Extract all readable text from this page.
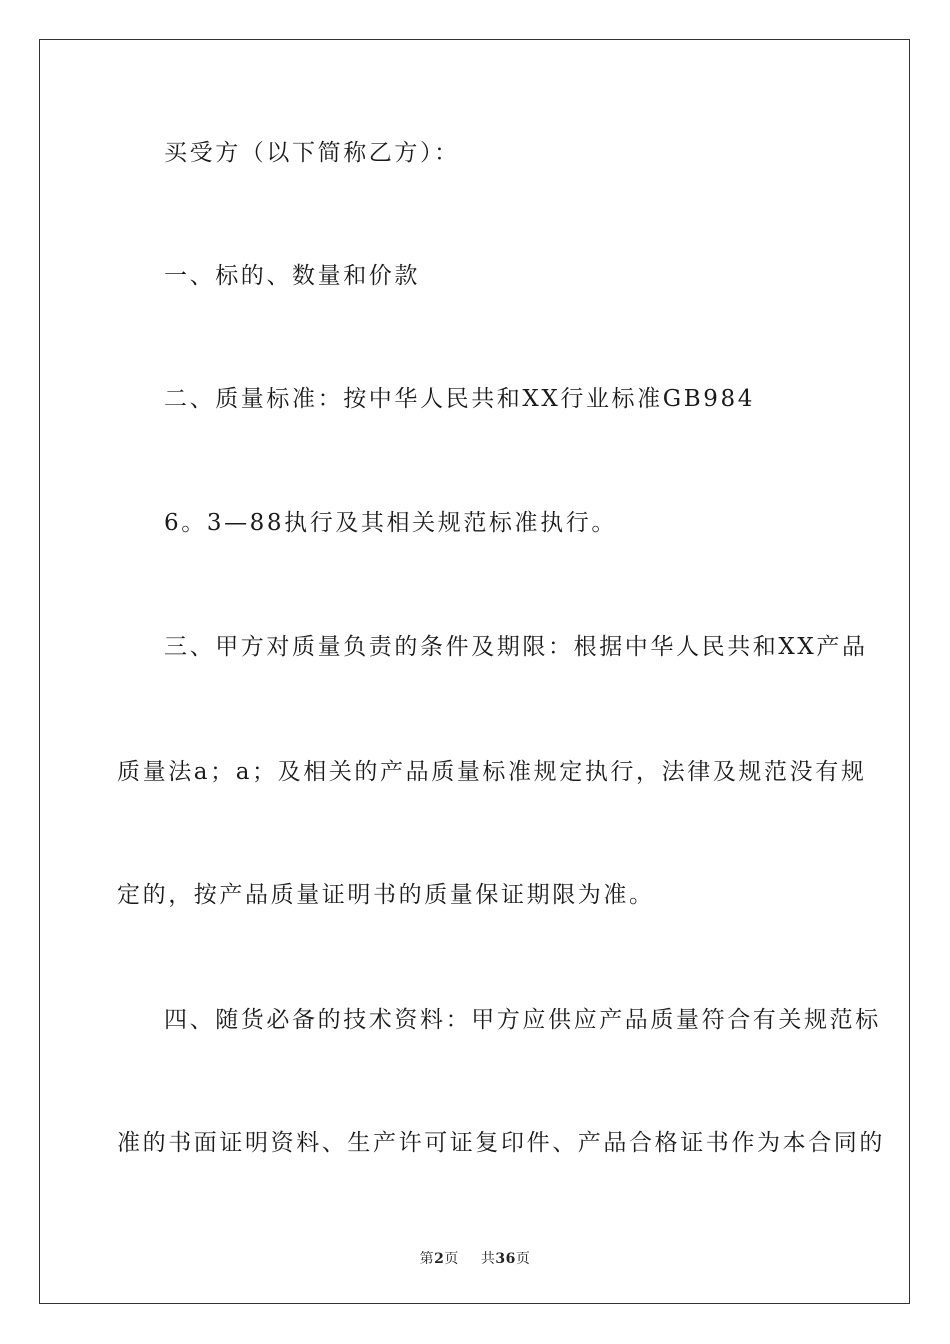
买受方（以下简称乙方）：
一、标的、数量和价款
二、质量标准：按中华人民共和XX行业标准GB984
6。3—88执行及其相关规范标准执行。
三、甲方对质量负责的条件及期限：根据中华人民共和XX产品
质量法a；a；及相关的产品质量标准规定执行，法律及规范没有规
定的，按产品质量证明书的质量保证期限为准。
四、随货必备的技术资料：甲方应供应产品质量符合有关规范标
准的书面证明资料、生产许可证复印件、产品合格证书作为本合同的
第2页 共36页
